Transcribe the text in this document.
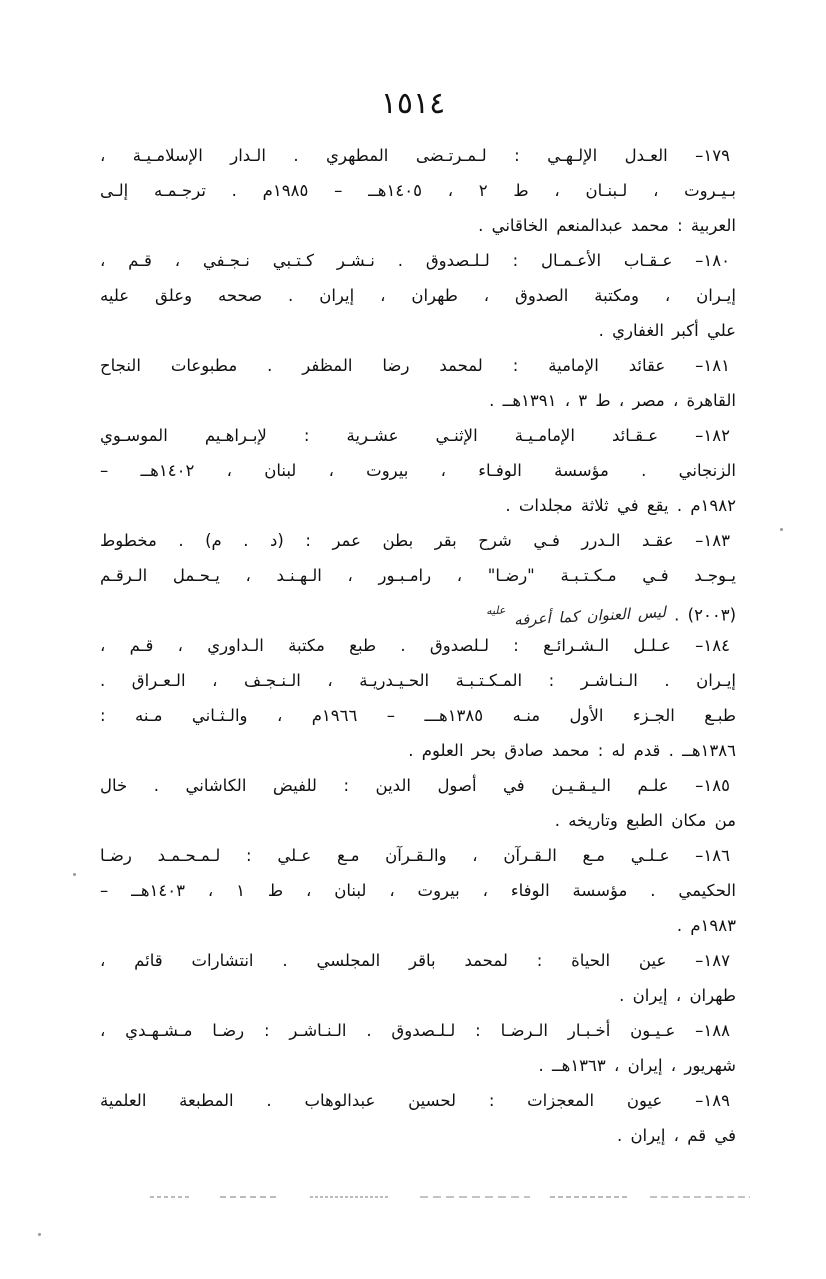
١٥١٤
١٧٩– العـدل الإلـهـي : لـمـرتـضى المطهري . الـدار الإسلامـيـة ،
بـيـروت ، لـبنـان ، ط ٢ ، ١٤٠٥هــ – ١٩٨٥م . ترجـمـه إلـى
العربية : محمد عبدالمنعم الخاقاني .
١٨٠– عـقـاب الأعـمـال : لـلـصدوق . نـشـر كـتـبي نـجـفي ، قـم ،
إيـران ، ومكتبة الصدوق ، طهران ، إيران . صححه وعلق عليه
علي أكبر الغفاري .
١٨١– عقائد الإمامية : لمحمد رضا المظفر . مطبوعات النجاح
القاهرة ، مصر ، ط ٣ ، ١٣٩١هــ .
١٨٢– عـقـائد الإمامـيـة الإثنـي عشـرية : لإبـراهـيم الموسـوي
الزنجاني . مؤسسة الوفـاء ، بيروت ، لبنان ، ١٤٠٢هــ –
١٩٨٢م . يقع في ثلاثة مجلدات .
١٨٣– عقـد الـدرر فـي شرح بقر بطن عمر : (د . م) . مخطوط
يـوجـد فـي مـكـتـبـة "رضـا" ، رامـبـور ، الـهـنـد ، يـحـمل الـرقـم
(٢٠٠٣) . ليس العنوان كما أعرفه عليه
١٨٤– عـلـل الـشـرائـع : لـلصدوق . طبع مكتبة الـداوري ، قـم ،
إيـران . الـنـاشـر : المـكـتـبـة الحـيـدريـة ، الـنـجـف ، الـعـراق .
طبـع الجـزء الأول منـه ١٣٨٥هـــ – ١٩٦٦م ، والـثـاني مـنه :
١٣٨٦هــ . قدم له : محمد صادق بحر العلوم .
١٨٥– علـم الـيـقـيـن في أصول الدين : للفيض الكاشاني . خال
من مكان الطبع وتاريخه .
١٨٦– عـلـي مـع الـقـرآن ، والـقـرآن مـع عـلي : لـمـحـمـد رضـا
الحكيمي . مؤسسة الوفاء ، بيروت ، لبنان ، ط ١ ، ١٤٠٣هــ –
١٩٨٣م .
١٨٧– عين الحياة : لمحمد باقر المجلسي . انتشارات قائم ،
طهران ، إيران .
١٨٨– عـيـون أخـبـار الـرضـا : لـلـصدوق . الـنـاشـر : رضـا مـشـهـدي ،
شهريور ، إيران ، ١٣٦٣هــ .
١٨٩– عيون المعجزات : لحسين عبدالوهاب . المطبعة العلمية
في قم ، إيران .
